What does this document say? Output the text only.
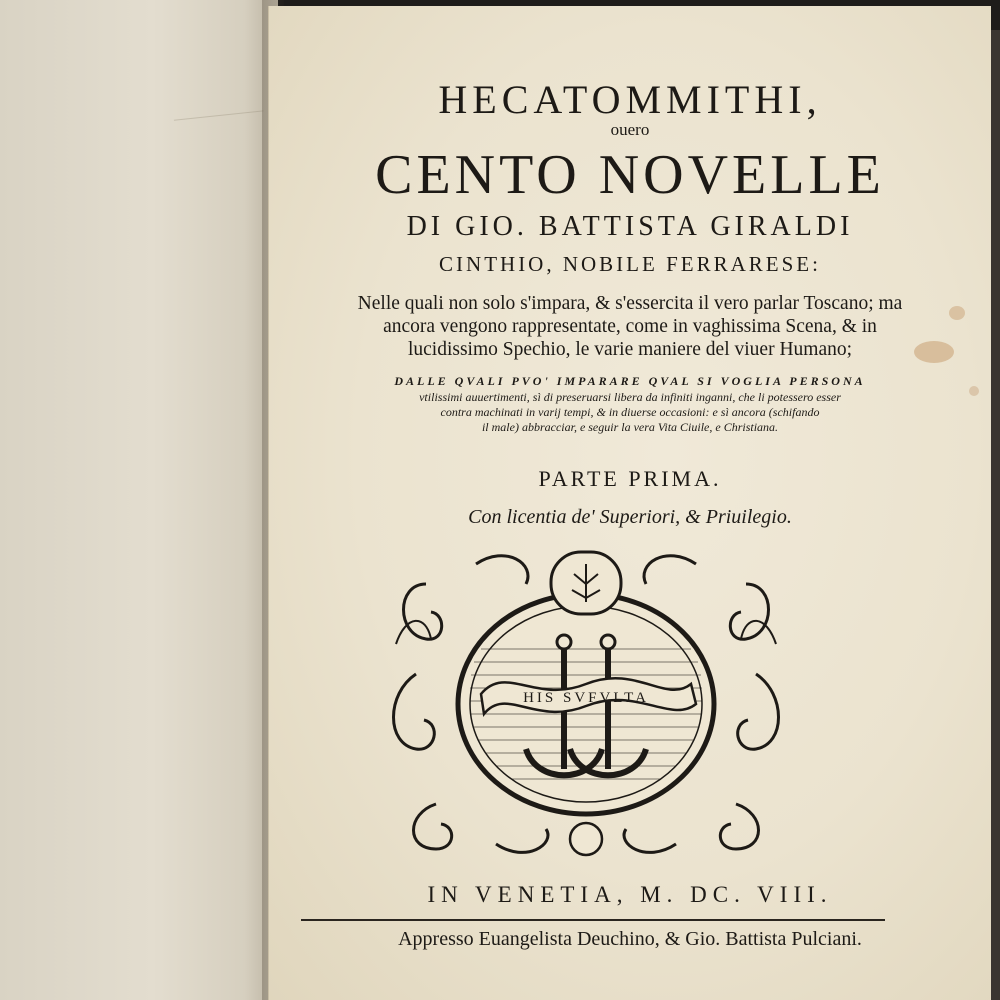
HECATOMMITHI,
ouero
CENTO NOVELLE
DI GIO. BATTISTA GIRALDI
CINTHIO, NOBILE FERRARESE:
Nelle quali non solo s'impara, & s'essercita il vero parlar Toscano; ma
ancora vengono rappresentate, come in vaghissima Scena, & in
lucidissimo Spechio, le varie maniere del viuer Humano;
DALLE QVALI PVO' IMPARARE QVAL SI VOGLIA PERSONA
vtilissimi auuertimenti, sì di preseruarsi libera da infiniti inganni, che li potessero esser
contra machinati in varij tempi, & in diuerse occasioni: e sì ancora (schifando
il male) abbracciar, e seguir la vera Vita Ciuile, e Christiana.
PARTE PRIMA.
Con licentia de' Superiori, & Priuilegio.
HIS SVFVLTA
IN VENETIA, M. DC. VIII.
Appresso Euangelista Deuchino, & Gio. Battista Pulciani.
